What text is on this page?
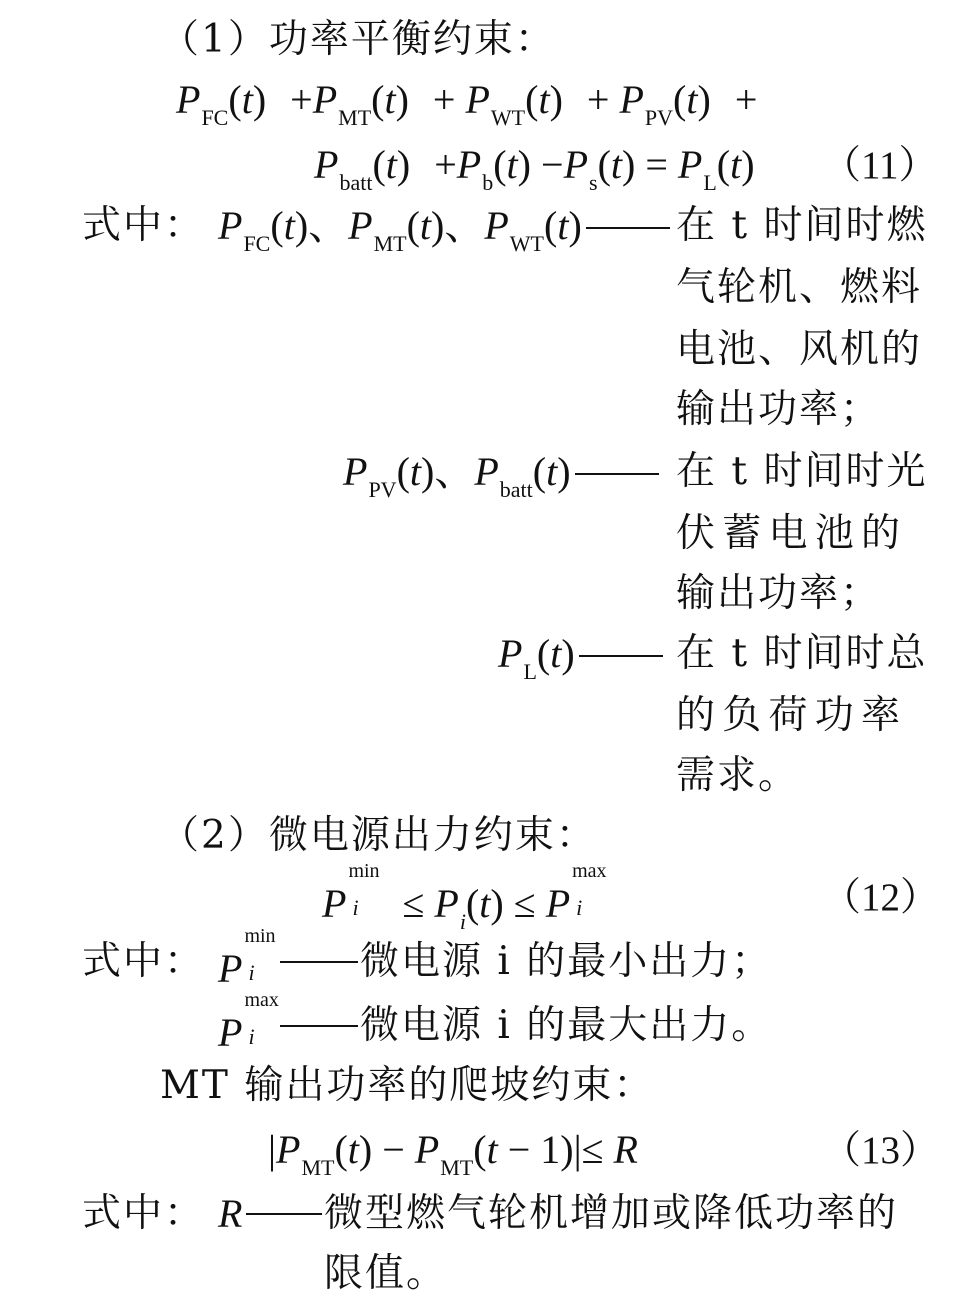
（1）功率平衡约束：
$P_{FC}(t) +P_{MT}(t) + P_{WT}(t) + P_{PV}(t)$ +
$P_{batt}(t) +P_b(t) -P_s(t) = P_L(t)$ （11）
式中： $P_{FC}(t)$、$P_{MT}(t)$、$P_{WT}(t)$	在 t 时间时燃
气轮机、燃料
电池、风机的
输出功率；
$P_{PV}(t)$、$P_{batt}(t)$	在 t 时间时光
伏蓄电池的
输出功率；
$P_L(t)$	在 t 时间时总
的负荷功率
需求。
（2）微电源出力约束：
P
min
$i \le P_i(t) \le P$
max
i	（12）
式中： P
min
i	微电源 i 的最小出力；
P
max
i	微电源 i 的最大出力。
MT 输出功率的爬坡约束：
$|P_{MT}(t) - P_{MT}(t - 1)|\le R$	（13）
式中： R 微型燃气轮机增加或降低功率的
限值。
